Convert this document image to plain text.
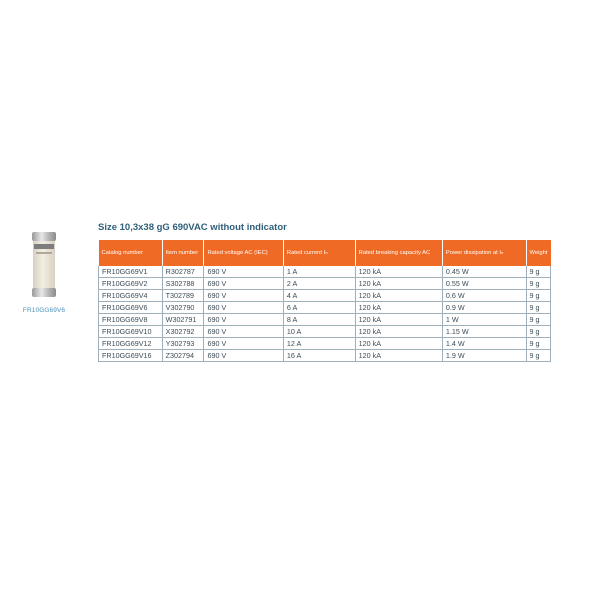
FR10GG69V6
Size 10,3x38 gG 690VAC without indicator
Catalog number	Item number	Rated voltage AC (IEC)	Rated current Iₙ	Rated breaking capacity AC	Power dissipation at Iₙ	Weight
FR10GG69V1	R302787	690 V	1 A	120 kA	0.45 W	9 g
FR10GG69V2	S302788	690 V	2 A	120 kA	0.55 W	9 g
FR10GG69V4	T302789	690 V	4 A	120 kA	0.6 W	9 g
FR10GG69V6	V302790	690 V	6 A	120 kA	0.9 W	9 g
FR10GG69V8	W302791	690 V	8 A	120 kA	1 W	9 g
FR10GG69V10	X302792	690 V	10 A	120 kA	1.15 W	9 g
FR10GG69V12	Y302793	690 V	12 A	120 kA	1.4 W	9 g
FR10GG69V16	Z302794	690 V	16 A	120 kA	1.9 W	9 g
